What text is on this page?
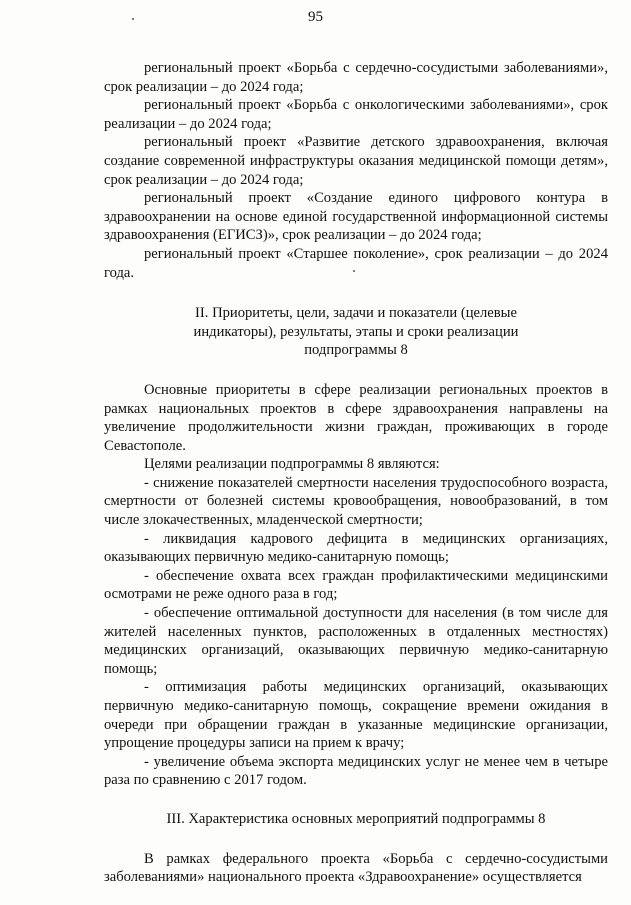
95

региональный проект «Борьба с сердечно-сосудистыми заболеваниями», срок реализации – до 2024 года;

региональный проект «Борьба с онкологическими заболеваниями», срок реализации – до 2024 года;

региональный проект «Развитие детского здравоохранения, включая создание современной инфраструктуры оказания медицинской помощи детям», срок реализации – до 2024 года;

региональный проект «Создание единого цифрового контура в здравоохранении на основе единой государственной информационной системы здравоохранения (ЕГИСЗ)», срок реализации – до 2024 года;

региональный проект «Старшее поколение», срок реализации – до 2024 года.

II. Приоритеты, цели, задачи и показатели (целевые индикаторы), результаты, этапы и сроки реализации подпрограммы 8

Основные приоритеты в сфере реализации региональных проектов в рамках национальных проектов в сфере здравоохранения направлены на увеличение продолжительности жизни граждан, проживающих в городе Севастополе.

Целями реализации подпрограммы 8 являются:

- снижение показателей смертности населения трудоспособного возраста, смертности от болезней системы кровообращения, новообразований, в том числе злокачественных, младенческой смертности;

- ликвидация кадрового дефицита в медицинских организациях, оказывающих первичную медико-санитарную помощь;

- обеспечение охвата всех граждан профилактическими медицинскими осмотрами не реже одного раза в год;

- обеспечение оптимальной доступности для населения (в том числе для жителей населенных пунктов, расположенных в отдаленных местностях) медицинских организаций, оказывающих первичную медико-санитарную помощь;

- оптимизация работы медицинских организаций, оказывающих первичную медико-санитарную помощь, сокращение времени ожидания в очереди при обращении граждан в указанные медицинские организации, упрощение процедуры записи на прием к врачу;

- увеличение объема экспорта медицинских услуг не менее чем в четыре раза по сравнению с 2017 годом.

III. Характеристика основных мероприятий подпрограммы 8

В рамках федерального проекта «Борьба с сердечно-сосудистыми заболеваниями» национального проекта «Здравоохранение» осуществляется
